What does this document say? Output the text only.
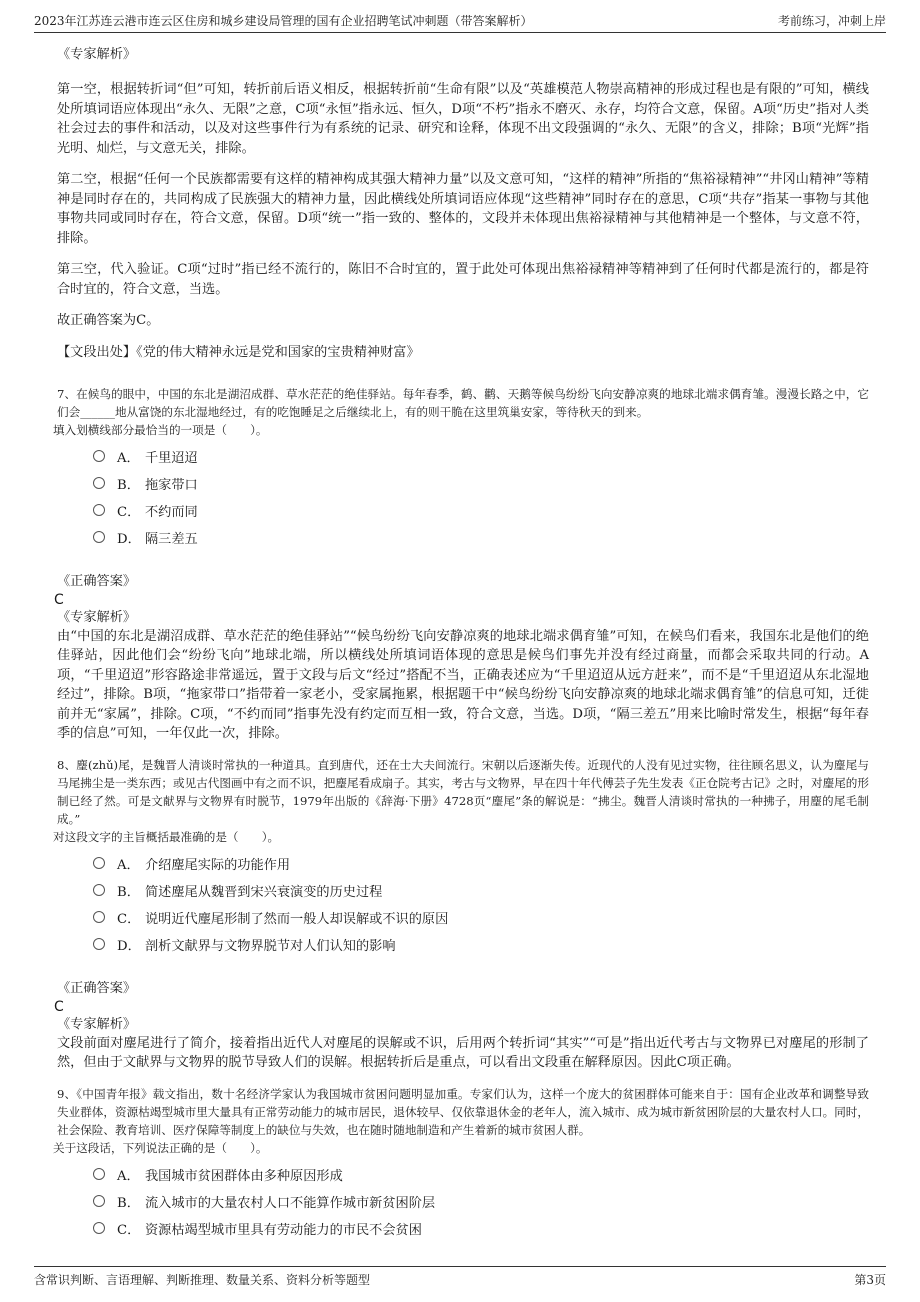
2023年江苏连云港市连云区住房和城乡建设局管理的国有企业招聘笔试冲刺题（带答案解析）	考前练习，冲刺上岸
《专家解析》

第一空，根据转折词“但”可知，转折前后语义相反，根据转折前“生命有限”以及“英雄模范人物崇高精神的形成过程也是有限的”可知，横线处所填词语应体现出“永久、无限”之意，C项“永恒”指永远、恒久，D项“不朽”指永不磨灭、永存，均符合文意，保留。A项“历史”指对人类社会过去的事件和活动，以及对这些事件行为有系统的记录、研究和诠释，体现不出文段强调的“永久、无限”的含义，排除；B项“光辉”指光明、灿烂，与文意无关，排除。

第二空，根据“任何一个民族都需要有这样的精神构成其强大精神力量”以及文意可知，“这样的精神”所指的“焦裕禄精神”“井冈山精神”等精神是同时存在的，共同构成了民族强大的精神力量，因此横线处所填词语应体现“这些精神”同时存在的意思，C项“共存”指某一事物与其他事物共同或同时存在，符合文意，保留。D项“统一”指一致的、整体的，文段并未体现出焦裕禄精神与其他精神是一个整体，与文意不符，排除。

第三空，代入验证。C项“过时”指已经不流行的，陈旧不合时宜的，置于此处可体现出焦裕禄精神等精神到了任何时代都是流行的，都是符合时宜的，符合文意，当选。

故正确答案为C。

【文段出处】《党的伟大精神永远是党和国家的宝贵精神财富》

7、在候鸟的眼中，中国的东北是湖沼成群、草水茫茫的绝佳驿站。每年春季，鹤、鹳、天鹅等候鸟纷纷飞向安静凉爽的地球北端求偶育雏。漫漫长路之中，它们会______地从富饶的东北湿地经过，有的吃饱睡足之后继续北上，有的则干脆在这里筑巢安家，等待秋天的到来。

填入划横线部分最恰当的一项是（　　）。

A． 千里迢迢
B． 拖家带口
C． 不约而同
D． 隔三差五
《正确答案》
C
《专家解析》

由“中国的东北是湖沼成群、草水茫茫的绝佳驿站”“候鸟纷纷飞向安静凉爽的地球北端求偶育雏”可知，在候鸟们看来，我国东北是他们的绝佳驿站，因此他们会“纷纷飞向”地球北端，所以横线处所填词语体现的意思是候鸟们事先并没有经过商量，而都会采取共同的行动。A项，“千里迢迢”形容路途非常遥远，置于文段与后文“经过”搭配不当，正确表述应为“千里迢迢从远方赶来”，而不是“千里迢迢从东北湿地经过”，排除。B项，“拖家带口”指带着一家老小，受家属拖累，根据题干中“候鸟纷纷飞向安静凉爽的地球北端求偶育雏”的信息可知，迁徙前并无“家属”，排除。C项，“不约而同”指事先没有约定而互相一致，符合文意，当选。D项，“隔三差五”用来比喻时常发生，根据“每年春季的信息”可知，一年仅此一次，排除。

8、麈(zhǔ)尾，是魏晋人清谈时常执的一种道具。直到唐代，还在士大夫间流行。宋朝以后逐渐失传。近现代的人没有见过实物，往往顾名思义，认为麈尾与马尾拂尘是一类东西；或见古代图画中有之而不识，把麈尾看成扇子。其实，考古与文物界，早在四十年代傅芸子先生发表《正仓院考古记》之时，对麈尾的形制已经了然。可是文献界与文物界有时脱节，1979年出版的《辞海·下册》4728页“麈尾”条的解说是：“拂尘。魏晋人清谈时常执的一种拂子，用麈的尾毛制成。”

对这段文字的主旨概括最准确的是（　　）。

A． 介绍麈尾实际的功能作用
B． 简述麈尾从魏晋到宋兴衰演变的历史过程
C． 说明近代麈尾形制了然而一般人却误解或不识的原因
D． 剖析文献界与文物界脱节对人们认知的影响
《正确答案》
C
《专家解析》

文段前面对麈尾进行了简介，接着指出近代人对麈尾的误解或不识，后用两个转折词“其实”“可是”指出近代考古与文物界已对麈尾的形制了然，但由于文献界与文物界的脱节导致人们的误解。根据转折后是重点，可以看出文段重在解释原因。因此C项正确。

9、《中国青年报》载文指出，数十名经济学家认为我国城市贫困问题明显加重。专家们认为，这样一个庞大的贫困群体可能来自于：国有企业改革和调整导致失业群体，资源枯竭型城市里大量具有正常劳动能力的城市居民，退休较早、仅依靠退休金的老年人，流入城市、成为城市新贫困阶层的大量农村人口。同时，社会保险、教育培训、医疗保障等制度上的缺位与失效，也在随时随地制造和产生着新的城市贫困人群。

关于这段话，下列说法正确的是（　　）。

A． 我国城市贫困群体由多种原因形成
B． 流入城市的大量农村人口不能算作城市新贫困阶层
C． 资源枯竭型城市里具有劳动能力的市民不会贫困
含常识判断、言语理解、判断推理、数量关系、资料分析等题型	第3页
